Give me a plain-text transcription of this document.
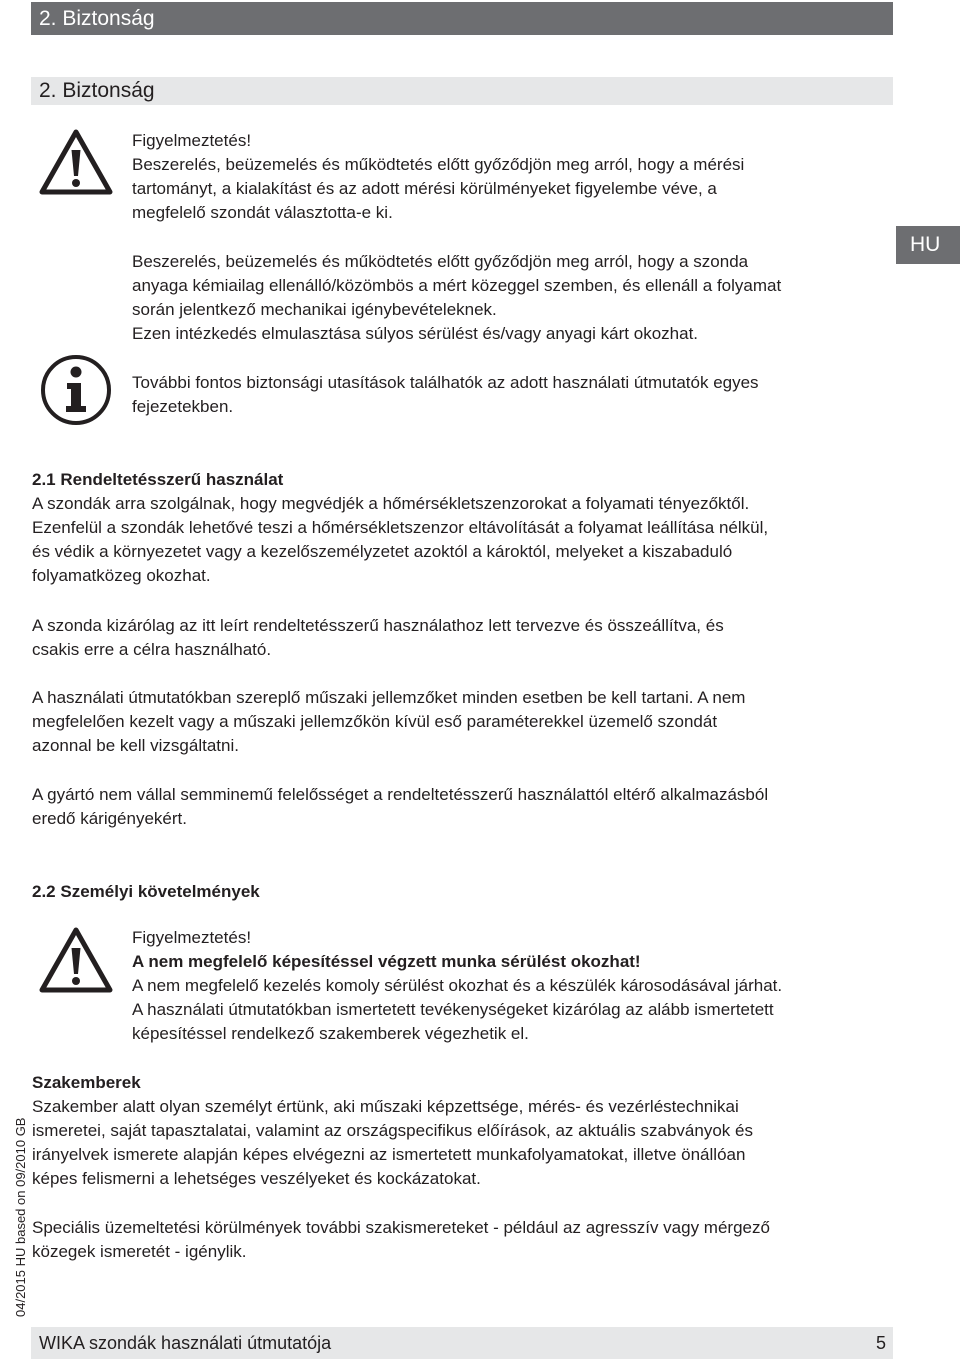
2. Biztonság
2. Biztonság
HU
04/2015 HU based on 09/2010 GB

Figyelmeztetés!

Beszerelés, beüzemelés és működtetés előtt győződjön meg arról, hogy a mérési

tartományt, a kialakítást és az adott mérési körülményeket figyelembe véve, a

megfelelő szondát választotta-e ki.

Beszerelés, beüzemelés és működtetés előtt győződjön meg arról, hogy a szonda

anyaga kémiailag ellenálló/közömbös a mért közeggel szemben, és ellenáll a folyamat

során jelentkező mechanikai igénybevételeknek.

Ezen intézkedés elmulasztása súlyos sérülést és/vagy anyagi kárt okozhat.

További fontos biztonsági utasítások találhatók az adott használati útmutatók egyes

fejezetekben.

2.1 Rendeltetésszerű használat

A szondák arra szolgálnak, hogy megvédjék a hőmérsékletszenzorokat a folyamati tényezőktől.

Ezenfelül a szondák lehetővé teszi a hőmérsékletszenzor eltávolítását a folyamat leállítása nélkül,

és védik a környezetet vagy a kezelőszemélyzetet azoktól a károktól, melyeket a kiszabaduló

folyamatközeg okozhat.

A szonda kizárólag az itt leírt rendeltetésszerű használathoz lett tervezve és összeállítva, és

csakis erre a célra használható.

A használati útmutatókban szereplő műszaki jellemzőket minden esetben be kell tartani. A nem

megfelelően kezelt vagy a műszaki jellemzőkön kívül eső paraméterekkel üzemelő szondát

azonnal be kell vizsgáltatni.

A gyártó nem vállal semminemű felelősséget a rendeltetésszerű használattól eltérő alkalmazásból

eredő kárigényekért.

2.2 Személyi követelmények

Figyelmeztetés!

A nem megfelelő képesítéssel végzett munka sérülést okozhat!

A nem megfelelő kezelés komoly sérülést okozhat és a készülék károsodásával járhat.

A használati útmutatókban ismertetett tevékenységeket kizárólag az alább ismertetett

képesítéssel rendelkező szakemberek végezhetik el.

Szakemberek

Szakember alatt olyan személyt értünk, aki műszaki képzettsége, mérés- és vezérléstechnikai

ismeretei, saját tapasztalatai, valamint az országspecifikus előírások, az aktuális szabványok és

irányelvek ismerete alapján képes elvégezni az ismertetett munkafolyamatokat, illetve önállóan

képes felismerni a lehetséges veszélyeket és kockázatokat.

Speciális üzemeltetési körülmények további szakismereteket - például az agresszív vagy mérgező

közegek ismeretét - igénylik.

WIKA szondák használati útmutatója	5
